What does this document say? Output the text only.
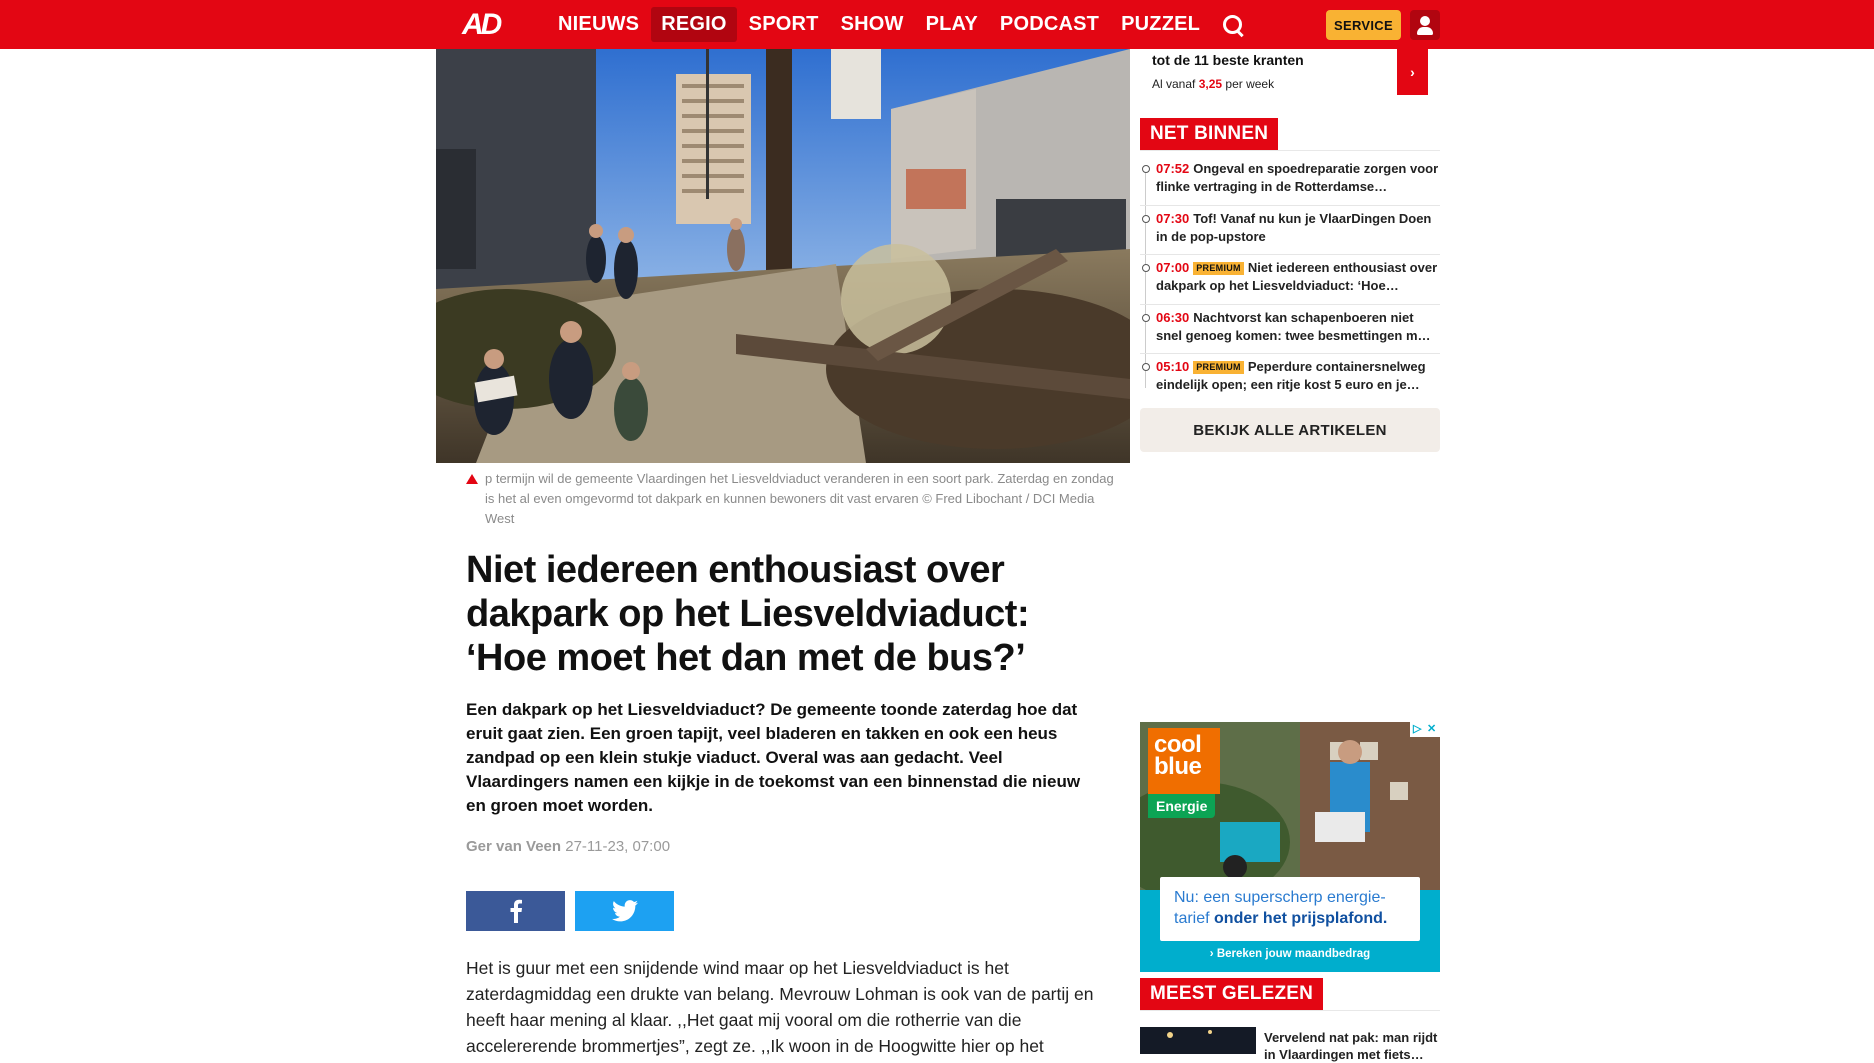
AD	NIEUWS	REGIO	SPORT	SHOW	PLAY	PODCAST	PUZZEL	SERVICE

p termijn wil de gemeente Vlaardingen het Liesveldviaduct veranderen in een soort park. Zaterdag en zondag is het al even omgevormd tot dakpark en kunnen bewoners dit vast ervaren © Fred Libochant / DCI Media West

Niet iedereen enthousiast over dakpark op het Liesveldviaduct: ‘Hoe moet het dan met de bus?’

Een dakpark op het Liesveldviaduct? De gemeente toonde zaterdag hoe dat eruit gaat zien. Een groen tapijt, veel bladeren en takken en ook een heus zandpad op een klein stukje viaduct. Overal was aan gedacht. Veel Vlaardingers namen een kijkje in de toekomst van een binnenstad die nieuw en groen moet worden.

Ger van Veen 27-11-23, 07:00

Het is guur met een snijdende wind maar op het Liesveldviaduct is het zaterdagmiddag een drukte van belang. Mevrouw Lohman is ook van de partij en heeft haar mening al klaar. ,,Het gaat mij vooral om die rotherrie van die accelererende brommertjes”, zegt ze. ,,Ik woon in de Hoogwitte hier op het

tot de 11 beste kranten
Al vanaf 3,25 per week
›
NET BINNEN
07:52 Ongeval en spoedreparatie zorgen voor flinke vertraging in de Rotterdamse…
07:30 Tof! Vanaf nu kun je VlaarDingen Doen in de pop-upstore
07:00 PREMIUM Niet iedereen enthousiast over dakpark op het Liesveldviaduct: ‘Hoe…
06:30 Nachtvorst kan schapenboeren niet snel genoeg komen: twee besmettingen m…
05:10 PREMIUM Peperdure containersnelweg eindelijk open; een ritje kost 5 euro en je…
BEKIJK ALLE ARTIKELEN
cool
blue
Energie
▷ ✕
Nu: een superscherp energie-tarief onder het prijsplafond.
› Bereken jouw maandbedrag
MEEST GELEZEN
Vervelend nat pak: man rijdt in Vlaardingen met fiets…
